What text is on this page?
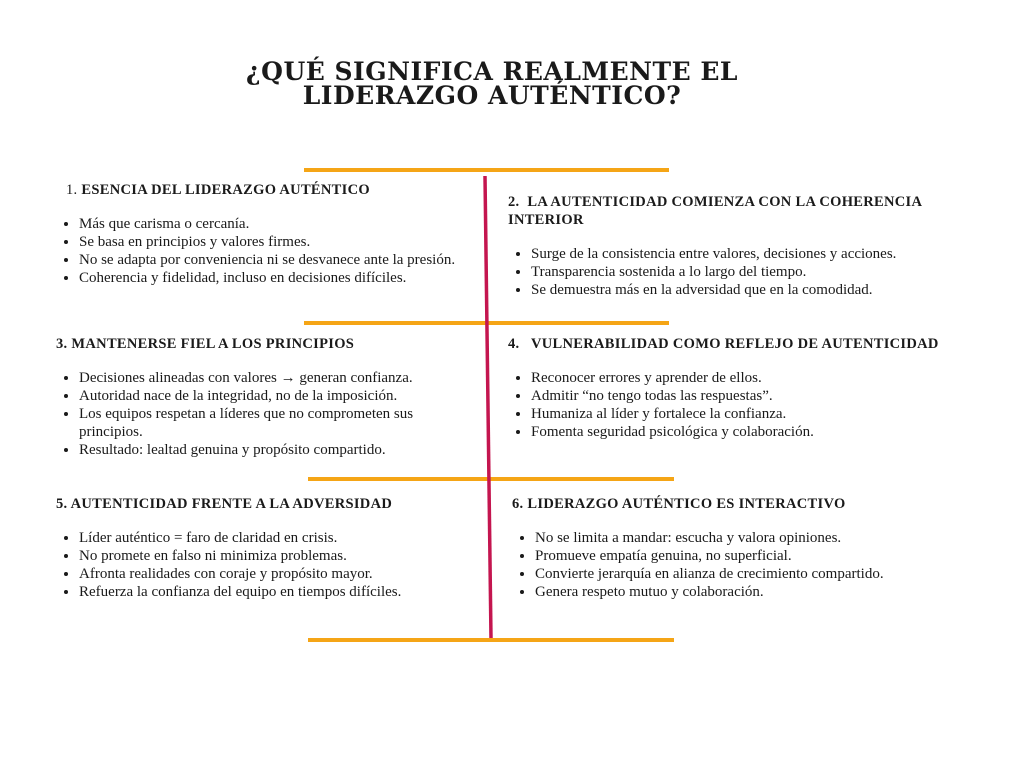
¿QUÉ SIGNIFICA REALMENTE EL
LIDERAZGO AUTÉNTICO?
1. ESENCIA DEL LIDERAZGO AUTÉNTICO
• Más que carisma o cercanía.
• Se basa en principios y valores firmes.
• No se adapta por conveniencia ni se desvanece ante la presión.
• Coherencia y fidelidad, incluso en decisiones difíciles.
2. LA AUTENTICIDAD COMIENZA CON LA COHERENCIA INTERIOR
• Surge de la consistencia entre valores, decisiones y acciones.
• Transparencia sostenida a lo largo del tiempo.
• Se demuestra más en la adversidad que en la comodidad.
3. MANTENERSE FIEL A LOS PRINCIPIOS
• Decisiones alineadas con valores → generan confianza.
• Autoridad nace de la integridad, no de la imposición.
• Los equipos respetan a líderes que no comprometen sus principios.
• Resultado: lealtad genuina y propósito compartido.
4. VULNERABILIDAD COMO REFLEJO DE AUTENTICIDAD
• Reconocer errores y aprender de ellos.
• Admitir “no tengo todas las respuestas”.
• Humaniza al líder y fortalece la confianza.
• Fomenta seguridad psicológica y colaboración.
5. AUTENTICIDAD FRENTE A LA ADVERSIDAD
• Líder auténtico = faro de claridad en crisis.
• No promete en falso ni minimiza problemas.
• Afronta realidades con coraje y propósito mayor.
• Refuerza la confianza del equipo en tiempos difíciles.
6. LIDERAZGO AUTÉNTICO ES INTERACTIVO
• No se limita a mandar: escucha y valora opiniones.
• Promueve empatía genuina, no superficial.
• Convierte jerarquía en alianza de crecimiento compartido.
• Genera respeto mutuo y colaboración.
